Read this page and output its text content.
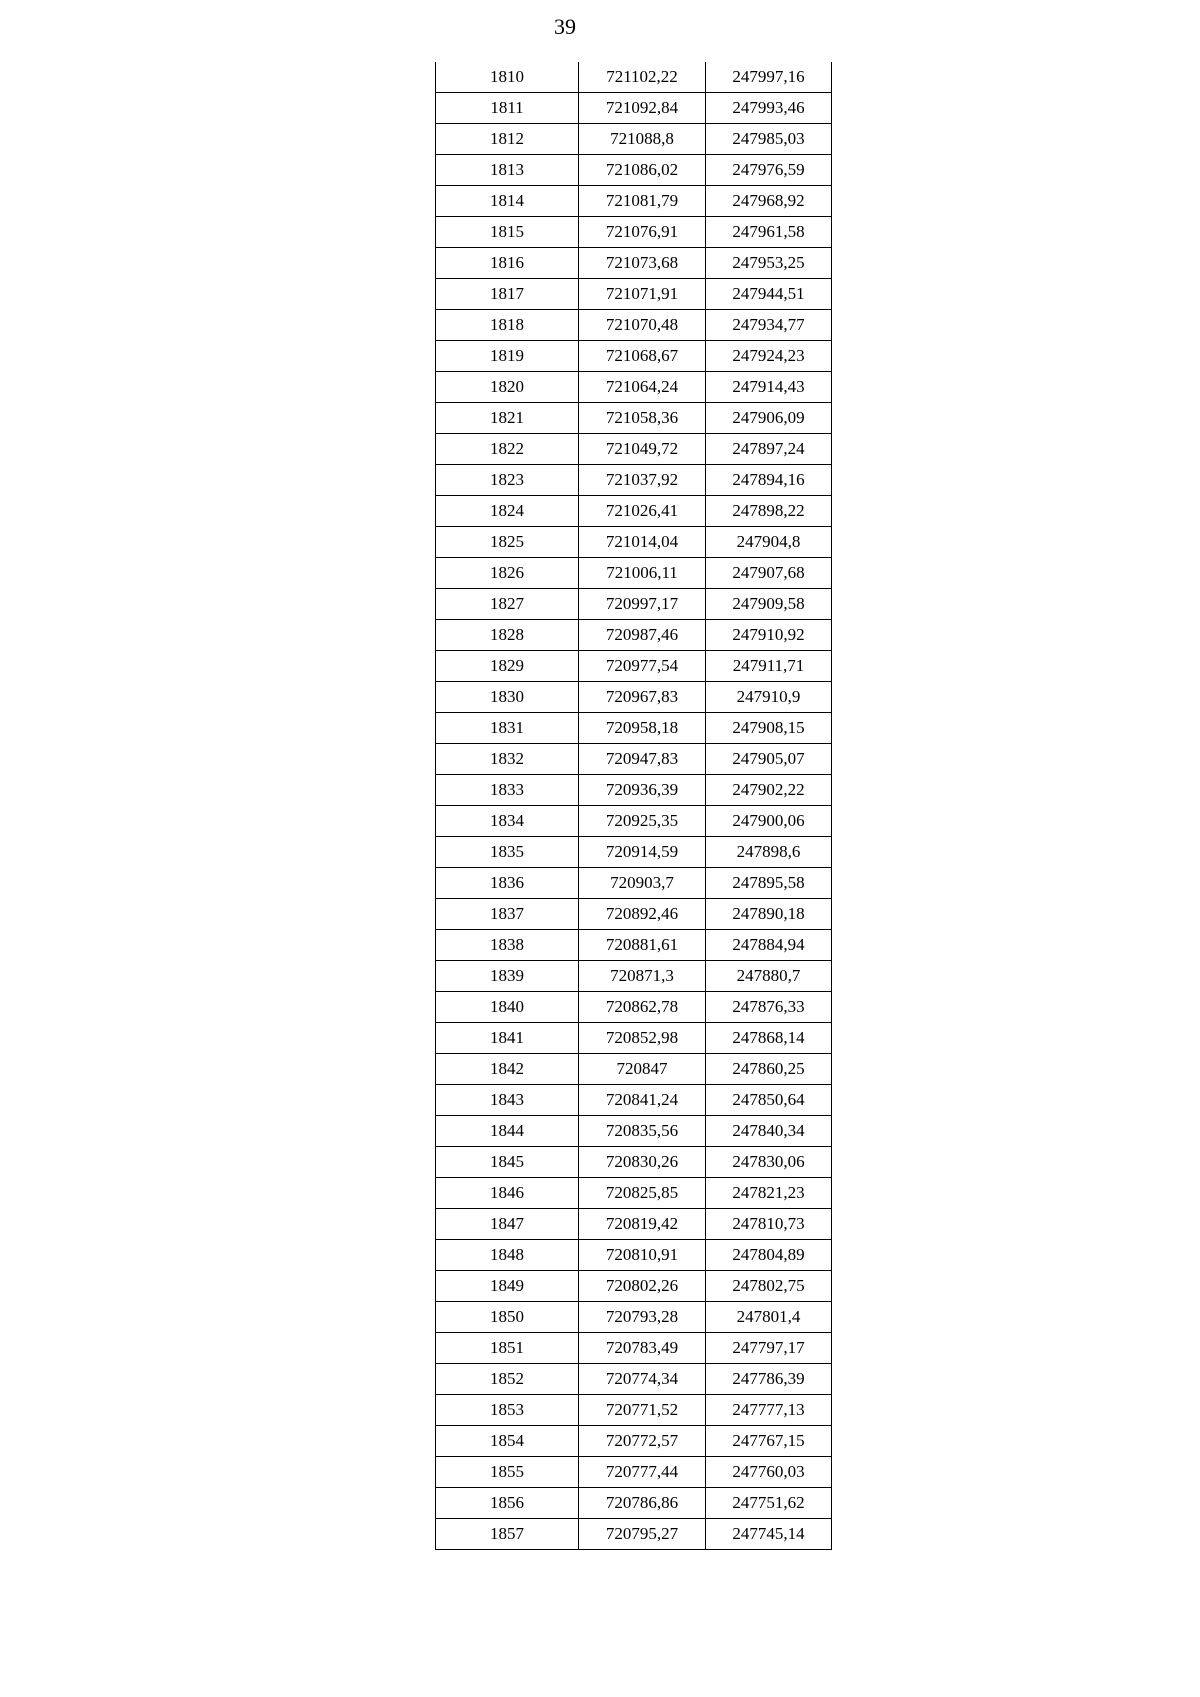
39
1810	721102,22	247997,16
1811	721092,84	247993,46
1812	721088,8	247985,03
1813	721086,02	247976,59
1814	721081,79	247968,92
1815	721076,91	247961,58
1816	721073,68	247953,25
1817	721071,91	247944,51
1818	721070,48	247934,77
1819	721068,67	247924,23
1820	721064,24	247914,43
1821	721058,36	247906,09
1822	721049,72	247897,24
1823	721037,92	247894,16
1824	721026,41	247898,22
1825	721014,04	247904,8
1826	721006,11	247907,68
1827	720997,17	247909,58
1828	720987,46	247910,92
1829	720977,54	247911,71
1830	720967,83	247910,9
1831	720958,18	247908,15
1832	720947,83	247905,07
1833	720936,39	247902,22
1834	720925,35	247900,06
1835	720914,59	247898,6
1836	720903,7	247895,58
1837	720892,46	247890,18
1838	720881,61	247884,94
1839	720871,3	247880,7
1840	720862,78	247876,33
1841	720852,98	247868,14
1842	720847	247860,25
1843	720841,24	247850,64
1844	720835,56	247840,34
1845	720830,26	247830,06
1846	720825,85	247821,23
1847	720819,42	247810,73
1848	720810,91	247804,89
1849	720802,26	247802,75
1850	720793,28	247801,4
1851	720783,49	247797,17
1852	720774,34	247786,39
1853	720771,52	247777,13
1854	720772,57	247767,15
1855	720777,44	247760,03
1856	720786,86	247751,62
1857	720795,27	247745,14
